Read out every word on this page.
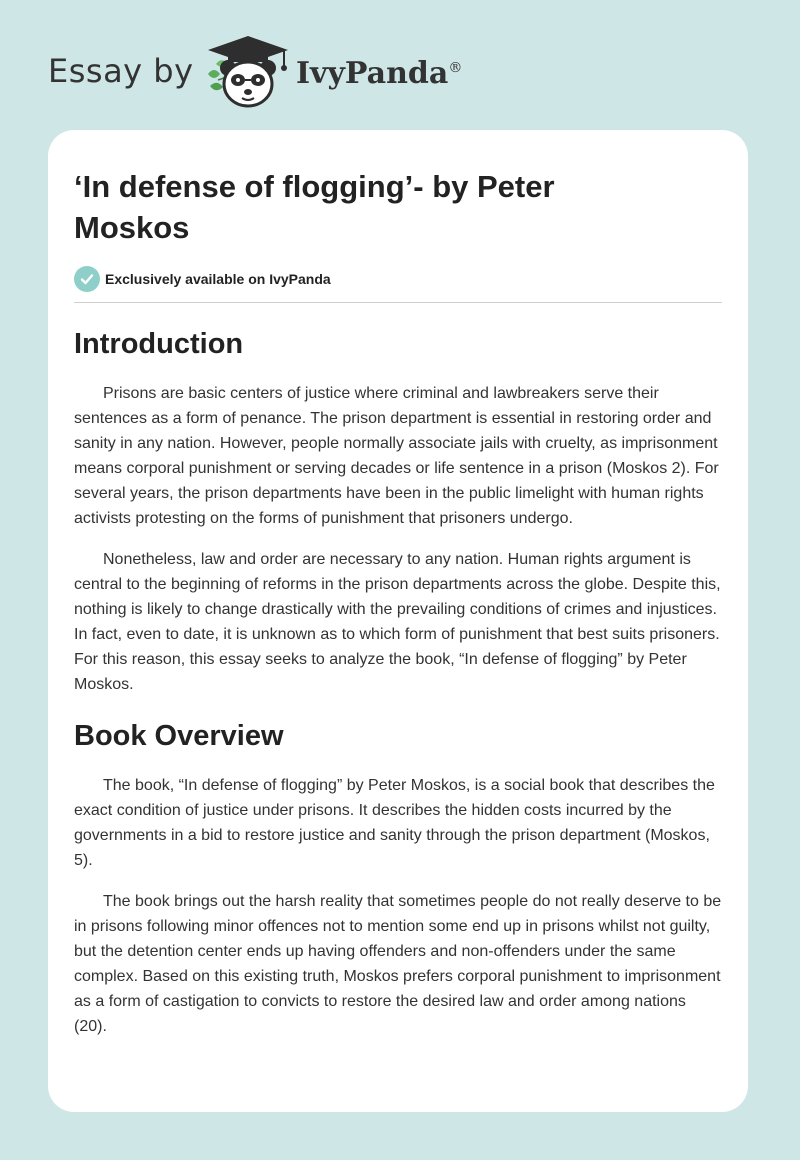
Essay by	IvyPanda®
‘In defense of flogging’- by Peter Moskos
Exclusively available on IvyPanda
Introduction

Prisons are basic centers of justice where criminal and lawbreakers serve their sentences as a form of penance. The prison department is essential in restoring order and sanity in any nation. However, people normally associate jails with cruelty, as imprisonment means corporal punishment or serving decades or life sentence in a prison (Moskos 2). For several years, the prison departments have been in the public limelight with human rights activists protesting on the forms of punishment that prisoners undergo.

Nonetheless, law and order are necessary to any nation. Human rights argument is central to the beginning of reforms in the prison departments across the globe. Despite this, nothing is likely to change drastically with the prevailing conditions of crimes and injustices. In fact, even to date, it is unknown as to which form of punishment that best suits prisoners. For this reason, this essay seeks to analyze the book, “In defense of flogging” by Peter Moskos.

Book Overview

The book, “In defense of flogging” by Peter Moskos, is a social book that describes the exact condition of justice under prisons. It describes the hidden costs incurred by the governments in a bid to restore justice and sanity through the prison department (Moskos, 5).

The book brings out the harsh reality that sometimes people do not really deserve to be in prisons following minor offences not to mention some end up in prisons whilst not guilty, but the detention center ends up having offenders and non-offenders under the same complex. Based on this existing truth, Moskos prefers corporal punishment to imprisonment as a form of castigation to convicts to restore the desired law and order among nations (20).
